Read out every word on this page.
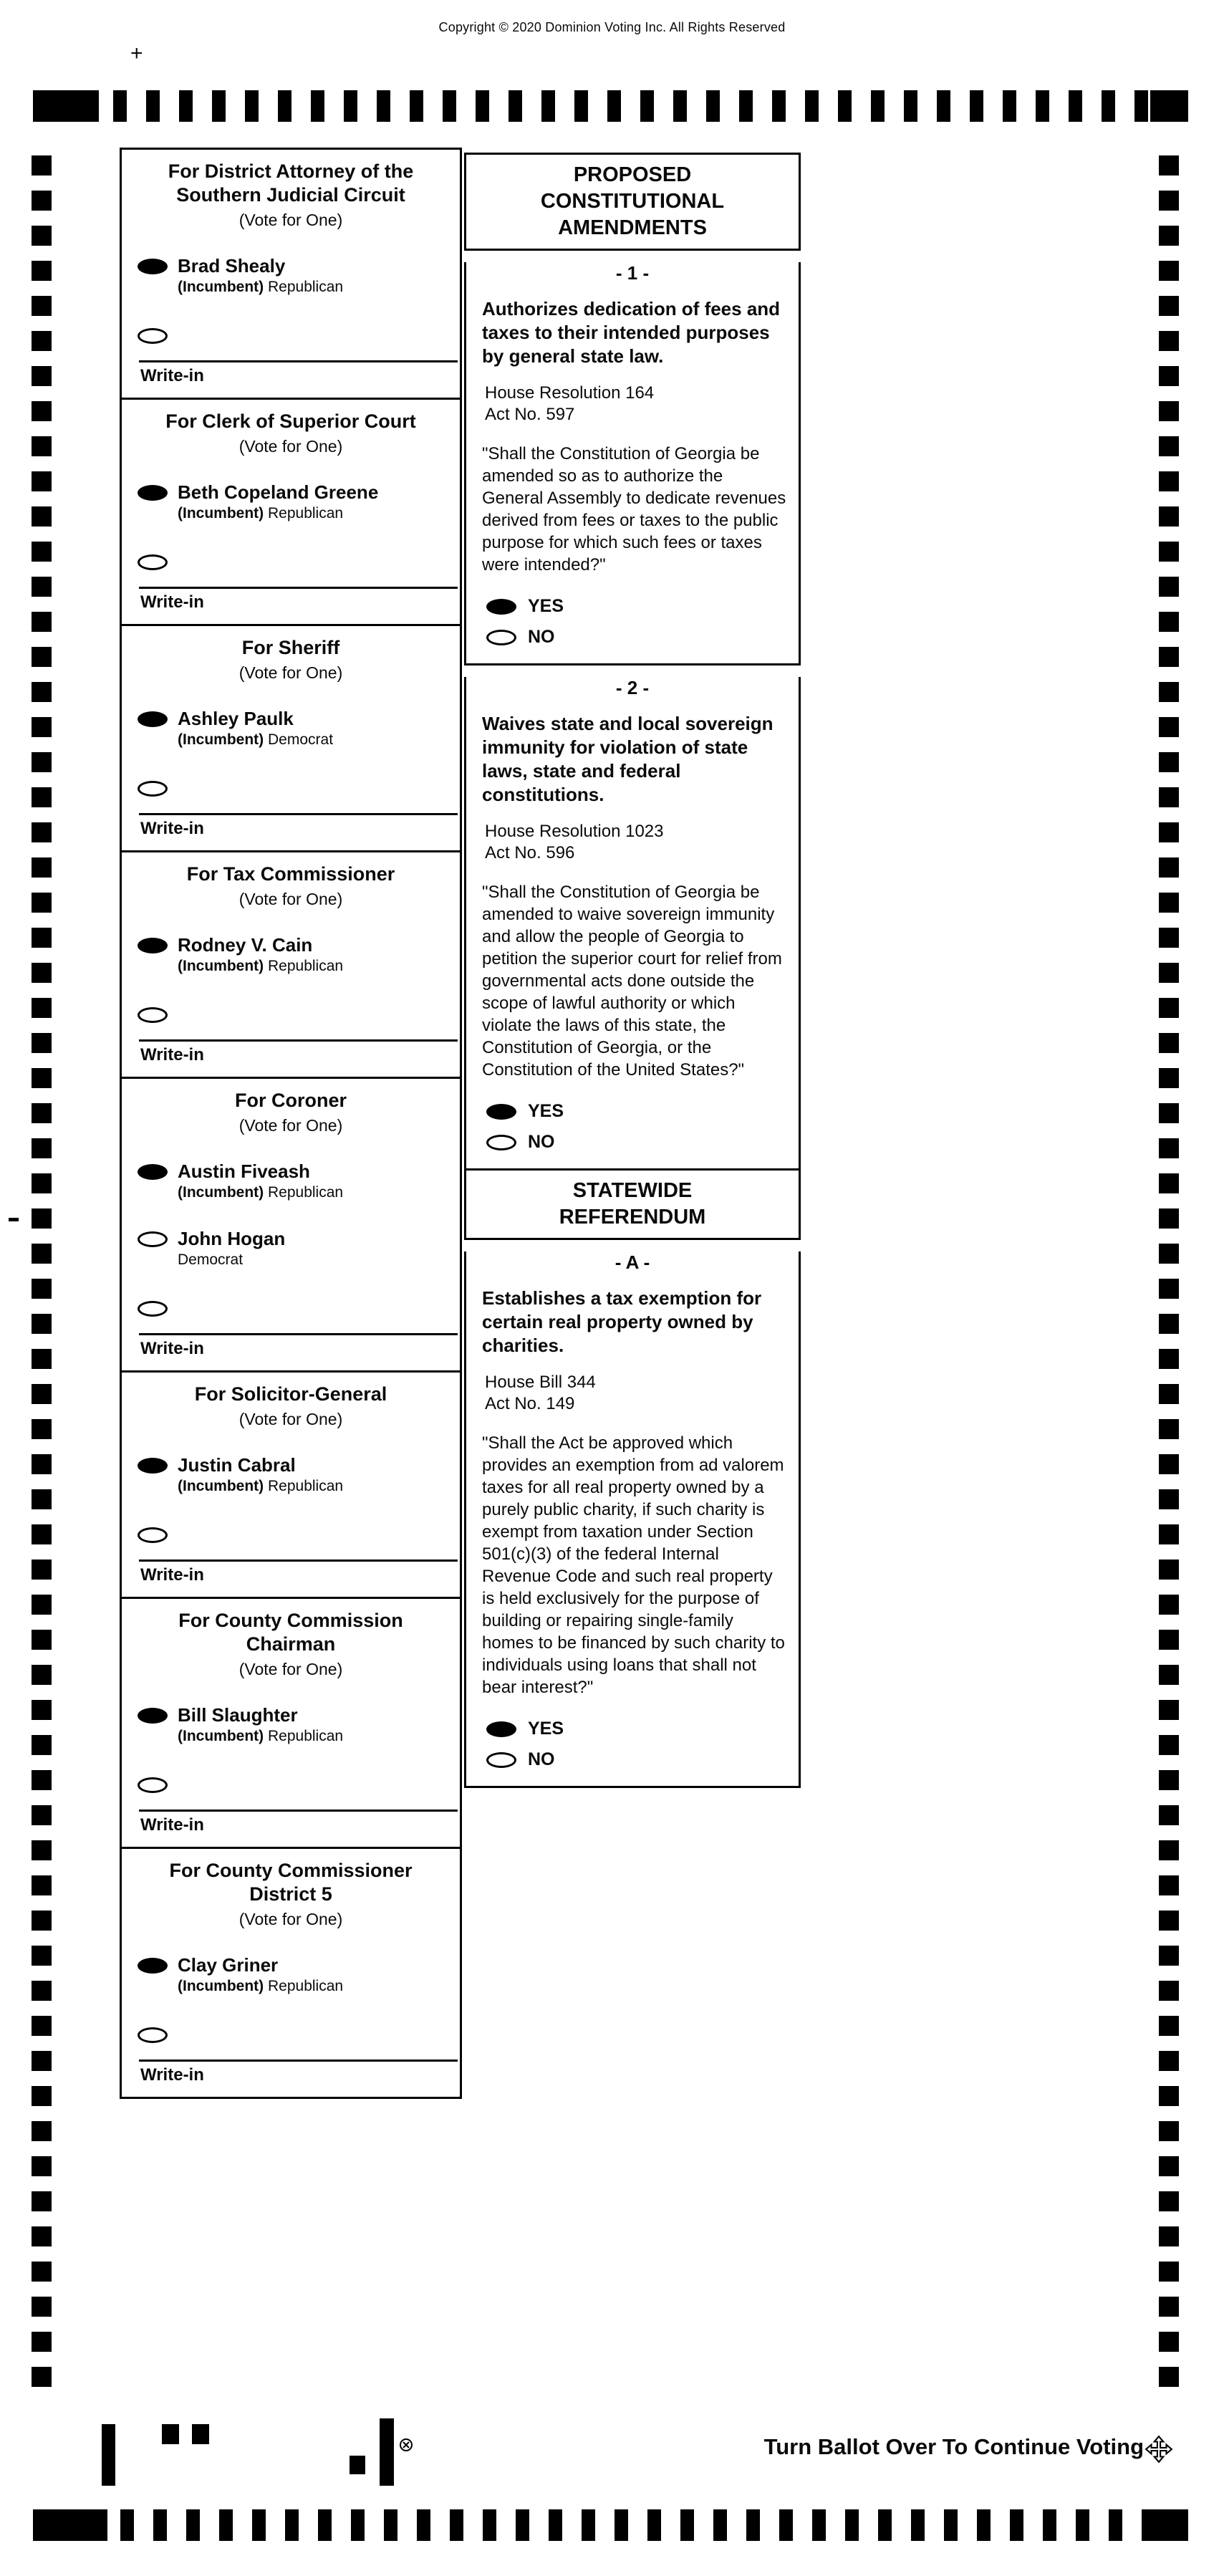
Copyright © 2020 Dominion Voting Inc. All Rights Reserved
+
For District Attorney of the
Southern Judicial Circuit
(Vote for One)
Brad Shealy
(Incumbent) Republican
Write-in
For Clerk of Superior Court
(Vote for One)
Beth Copeland Greene
(Incumbent) Republican
Write-in
For Sheriff
(Vote for One)
Ashley Paulk
(Incumbent) Democrat
Write-in
For Tax Commissioner
(Vote for One)
Rodney V. Cain
(Incumbent) Republican
Write-in
For Coroner
(Vote for One)
Austin Fiveash
(Incumbent) Republican
John Hogan
Democrat
Write-in
For Solicitor-General
(Vote for One)
Justin Cabral
(Incumbent) Republican
Write-in
For County Commission
Chairman
(Vote for One)
Bill Slaughter
(Incumbent) Republican
Write-in
For County Commissioner
District 5
(Vote for One)
Clay Griner
(Incumbent) Republican
Write-in
PROPOSED
CONSTITUTIONAL
AMENDMENTS
- 1 -
Authorizes dedication of fees and taxes to their intended purposes by general state law.
House Resolution 164
Act No. 597
"Shall the Constitution of Georgia be amended so as to authorize the General Assembly to dedicate revenues derived from fees or taxes to the public purpose for which such fees or taxes were intended?"
YES
NO
- 2 -
Waives state and local sovereign immunity for violation of state laws, state and federal constitutions.
House Resolution 1023
Act No. 596
"Shall the Constitution of Georgia be amended to waive sovereign immunity and allow the people of Georgia to petition the superior court for relief from governmental acts done outside the scope of lawful authority or which violate the laws of this state, the Constitution of Georgia, or the Constitution of the United States?"
YES
NO
STATEWIDE
REFERENDUM
- A -
Establishes a tax exemption for certain real property owned by charities.
House Bill 344
Act No. 149
"Shall the Act be approved which provides an exemption from ad valorem taxes for all real property owned by a purely public charity, if such charity is exempt from taxation under Section 501(c)(3) of the federal Internal Revenue Code and such real property is held exclusively for the purpose of building or repairing single-family homes to be financed by such charity to individuals using loans that shall not bear interest?"
YES
NO
Turn Ballot Over To Continue Voting
